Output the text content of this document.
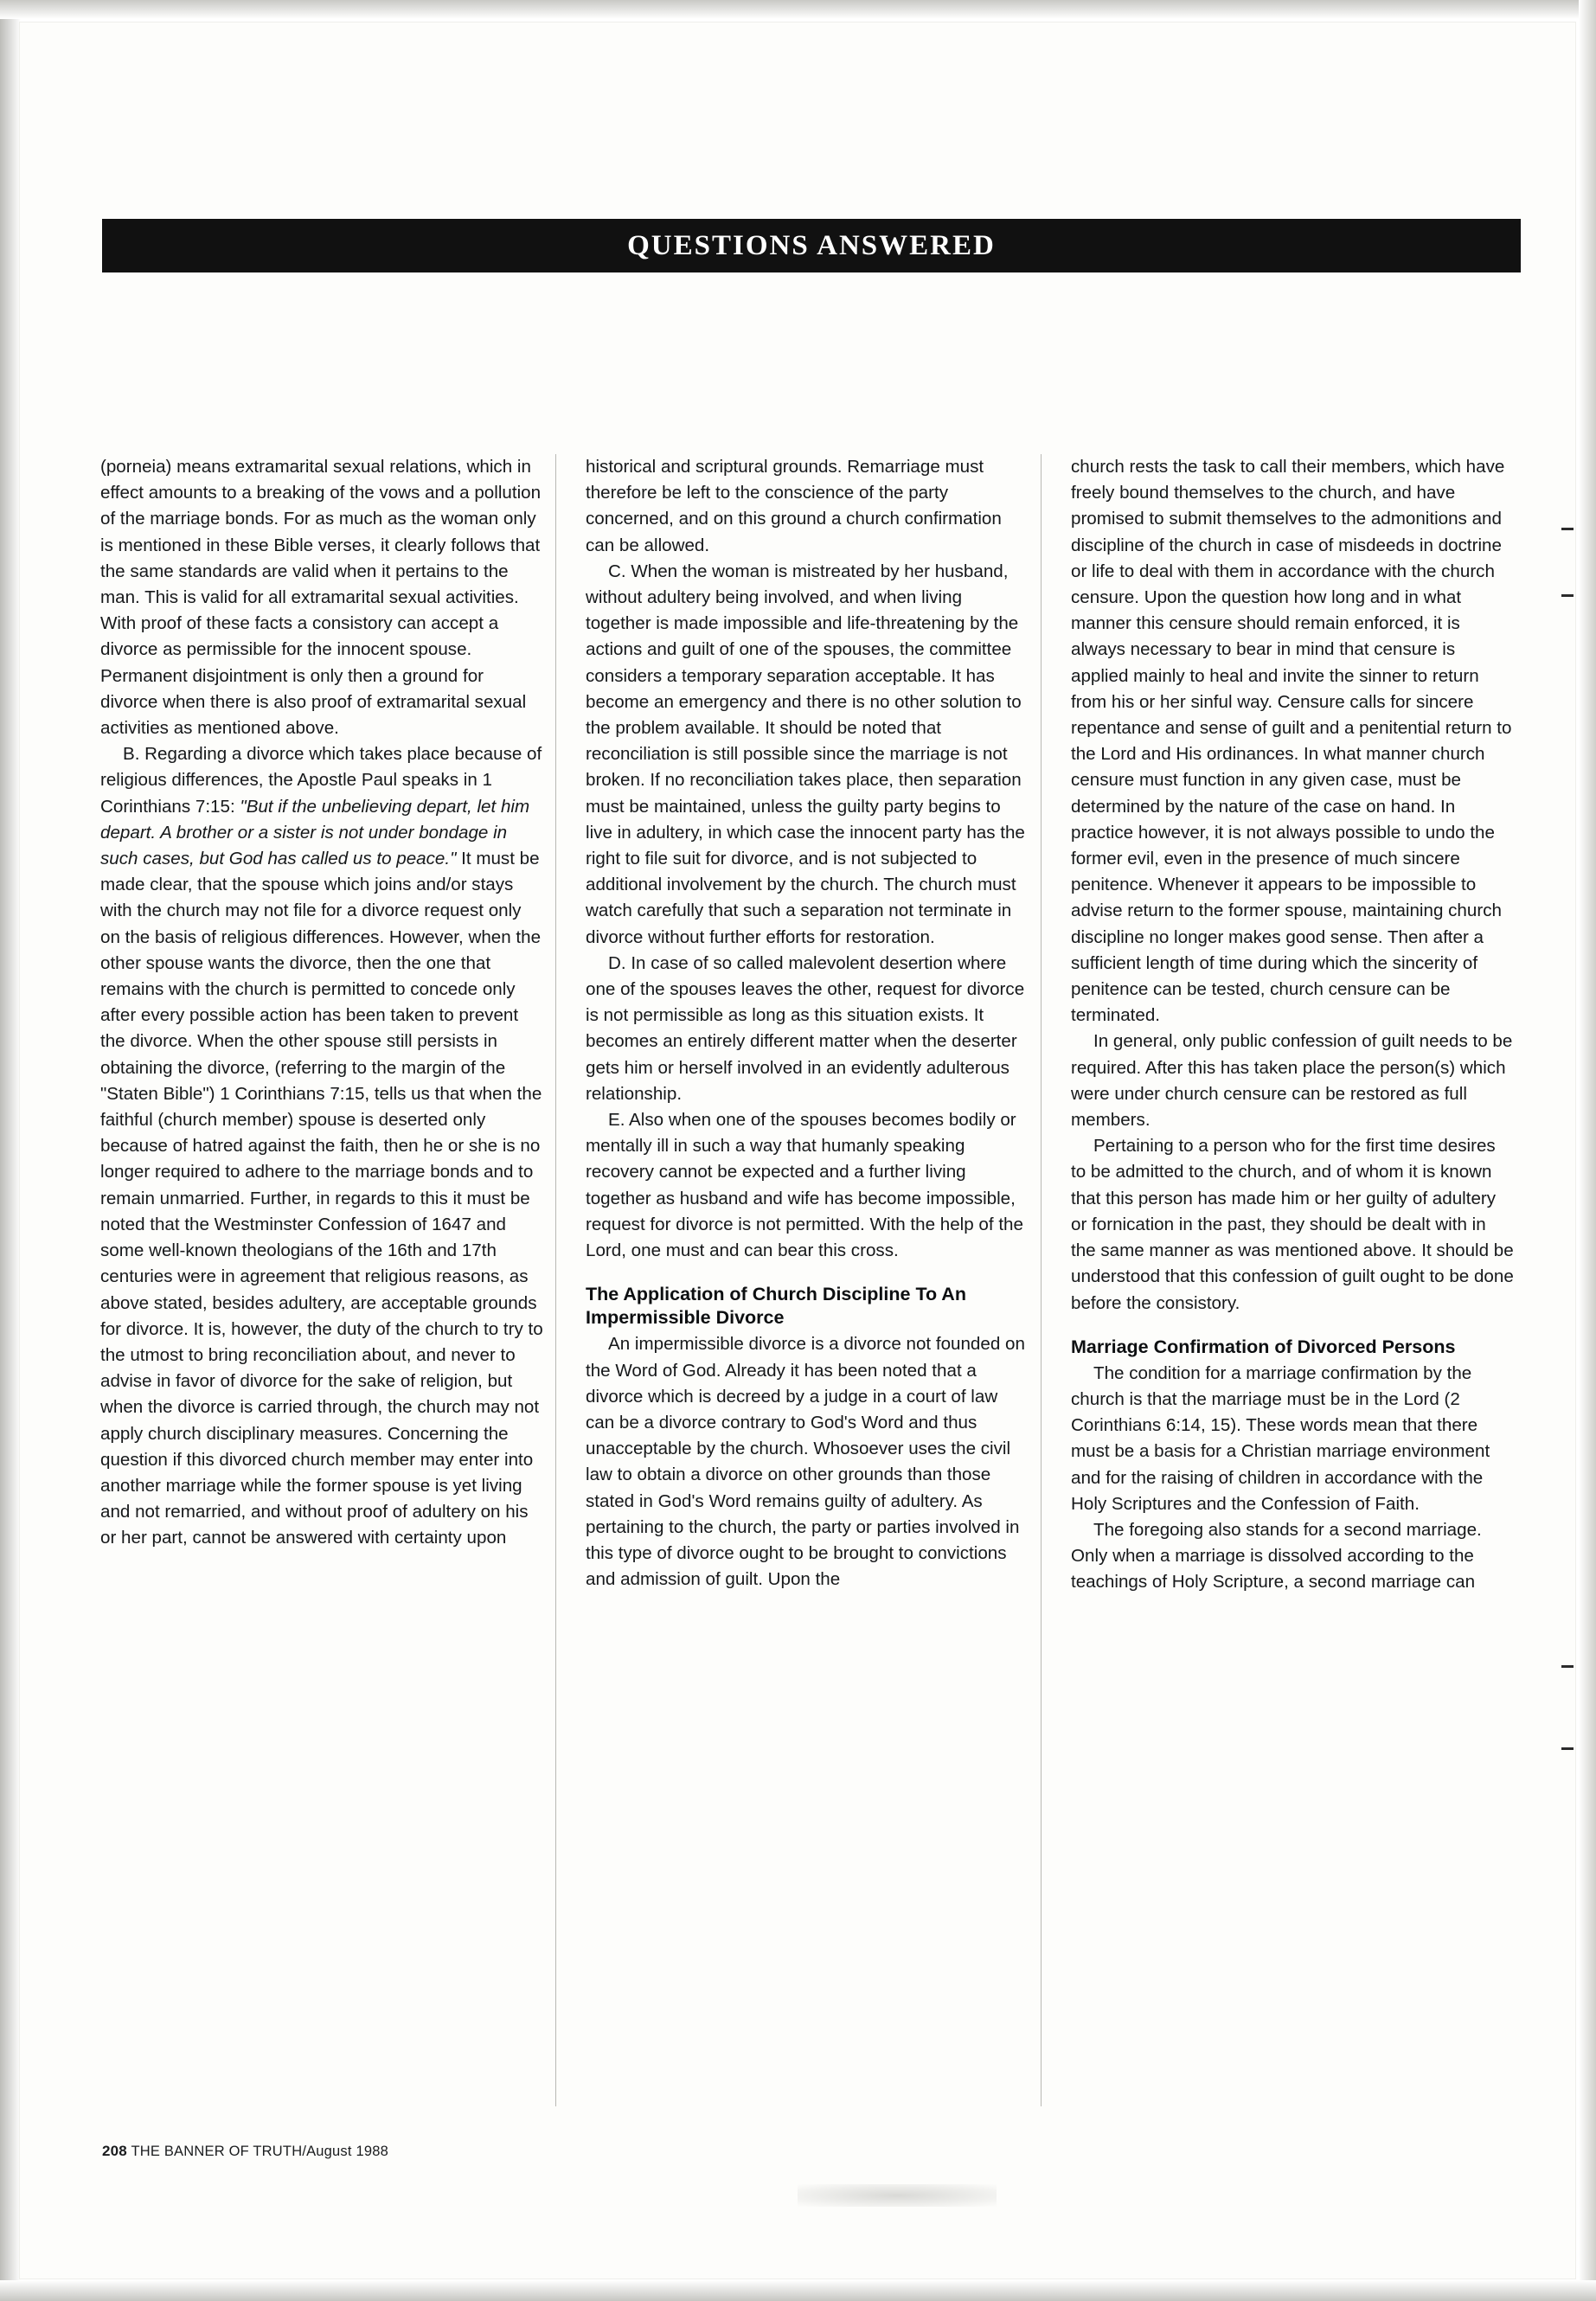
QUESTIONS ANSWERED

(porneia) means extramarital sexual relations, which in effect amounts to a breaking of the vows and a pollution of the marriage bonds. For as much as the woman only is mentioned in these Bible verses, it clearly follows that the same standards are valid when it pertains to the man. This is valid for all extramarital sexual activities. With proof of these facts a consistory can accept a divorce as permissible for the innocent spouse. Permanent disjointment is only then a ground for divorce when there is also proof of extramarital sexual activities as mentioned above.

B. Regarding a divorce which takes place because of religious differences, the Apostle Paul speaks in 1 Corinthians 7:15: "But if the unbelieving depart, let him depart. A brother or a sister is not under bondage in such cases, but God has called us to peace." It must be made clear, that the spouse which joins and/or stays with the church may not file for a divorce request only on the basis of religious differences. However, when the other spouse wants the divorce, then the one that remains with the church is permitted to concede only after every possible action has been taken to prevent the divorce. When the other spouse still persists in obtaining the divorce, (referring to the margin of the "Staten Bible") 1 Corinthians 7:15, tells us that when the faithful (church member) spouse is deserted only because of hatred against the faith, then he or she is no longer required to adhere to the marriage bonds and to remain unmarried. Further, in regards to this it must be noted that the Westminster Confession of 1647 and some well-known theologians of the 16th and 17th centuries were in agreement that religious reasons, as above stated, besides adultery, are acceptable grounds for divorce. It is, however, the duty of the church to try to the utmost to bring reconciliation about, and never to advise in favor of divorce for the sake of religion, but when the divorce is carried through, the church may not apply church disciplinary measures. Concerning the question if this divorced church member may enter into another marriage while the former spouse is yet living and not remarried, and without proof of adultery on his or her part, cannot be answered with certainty upon

historical and scriptural grounds. Remarriage must therefore be left to the conscience of the party concerned, and on this ground a church confirmation can be allowed.

C. When the woman is mistreated by her husband, without adultery being involved, and when living together is made impossible and life-threatening by the actions and guilt of one of the spouses, the committee considers a temporary separation acceptable. It has become an emergency and there is no other solution to the problem available. It should be noted that reconciliation is still possible since the marriage is not broken. If no reconciliation takes place, then separation must be maintained, unless the guilty party begins to live in adultery, in which case the innocent party has the right to file suit for divorce, and is not subjected to additional involvement by the church. The church must watch carefully that such a separation not terminate in divorce without further efforts for restoration.

D. In case of so called malevolent desertion where one of the spouses leaves the other, request for divorce is not permissible as long as this situation exists. It becomes an entirely different matter when the deserter gets him or herself involved in an evidently adulterous relationship.

E. Also when one of the spouses becomes bodily or mentally ill in such a way that humanly speaking recovery cannot be expected and a further living together as husband and wife has become impossible, request for divorce is not permitted. With the help of the Lord, one must and can bear this cross.

The Application of Church Discipline To An Impermissible Divorce

An impermissible divorce is a divorce not founded on the Word of God. Already it has been noted that a divorce which is decreed by a judge in a court of law can be a divorce contrary to God's Word and thus unacceptable by the church. Whosoever uses the civil law to obtain a divorce on other grounds than those stated in God's Word remains guilty of adultery. As pertaining to the church, the party or parties involved in this type of divorce ought to be brought to convictions and admission of guilt. Upon the

church rests the task to call their members, which have freely bound themselves to the church, and have promised to submit themselves to the admonitions and discipline of the church in case of misdeeds in doctrine or life to deal with them in accordance with the church censure. Upon the question how long and in what manner this censure should remain enforced, it is always necessary to bear in mind that censure is applied mainly to heal and invite the sinner to return from his or her sinful way. Censure calls for sincere repentance and sense of guilt and a penitential return to the Lord and His ordinances. In what manner church censure must function in any given case, must be determined by the nature of the case on hand. In practice however, it is not always possible to undo the former evil, even in the presence of much sincere penitence. Whenever it appears to be impossible to advise return to the former spouse, maintaining church discipline no longer makes good sense. Then after a sufficient length of time during which the sincerity of penitence can be tested, church censure can be terminated.

In general, only public confession of guilt needs to be required. After this has taken place the person(s) which were under church censure can be restored as full members.

Pertaining to a person who for the first time desires to be admitted to the church, and of whom it is known that this person has made him or her guilty of adultery or fornication in the past, they should be dealt with in the same manner as was mentioned above. It should be understood that this confession of guilt ought to be done before the consistory.

Marriage Confirmation of Divorced Persons

The condition for a marriage confirmation by the church is that the marriage must be in the Lord (2 Corinthians 6:14, 15). These words mean that there must be a basis for a Christian marriage environment and for the raising of children in accordance with the Holy Scriptures and the Confession of Faith.

The foregoing also stands for a second marriage. Only when a marriage is dissolved according to the teachings of Holy Scripture, a second marriage can

208 THE BANNER OF TRUTH/August 1988
